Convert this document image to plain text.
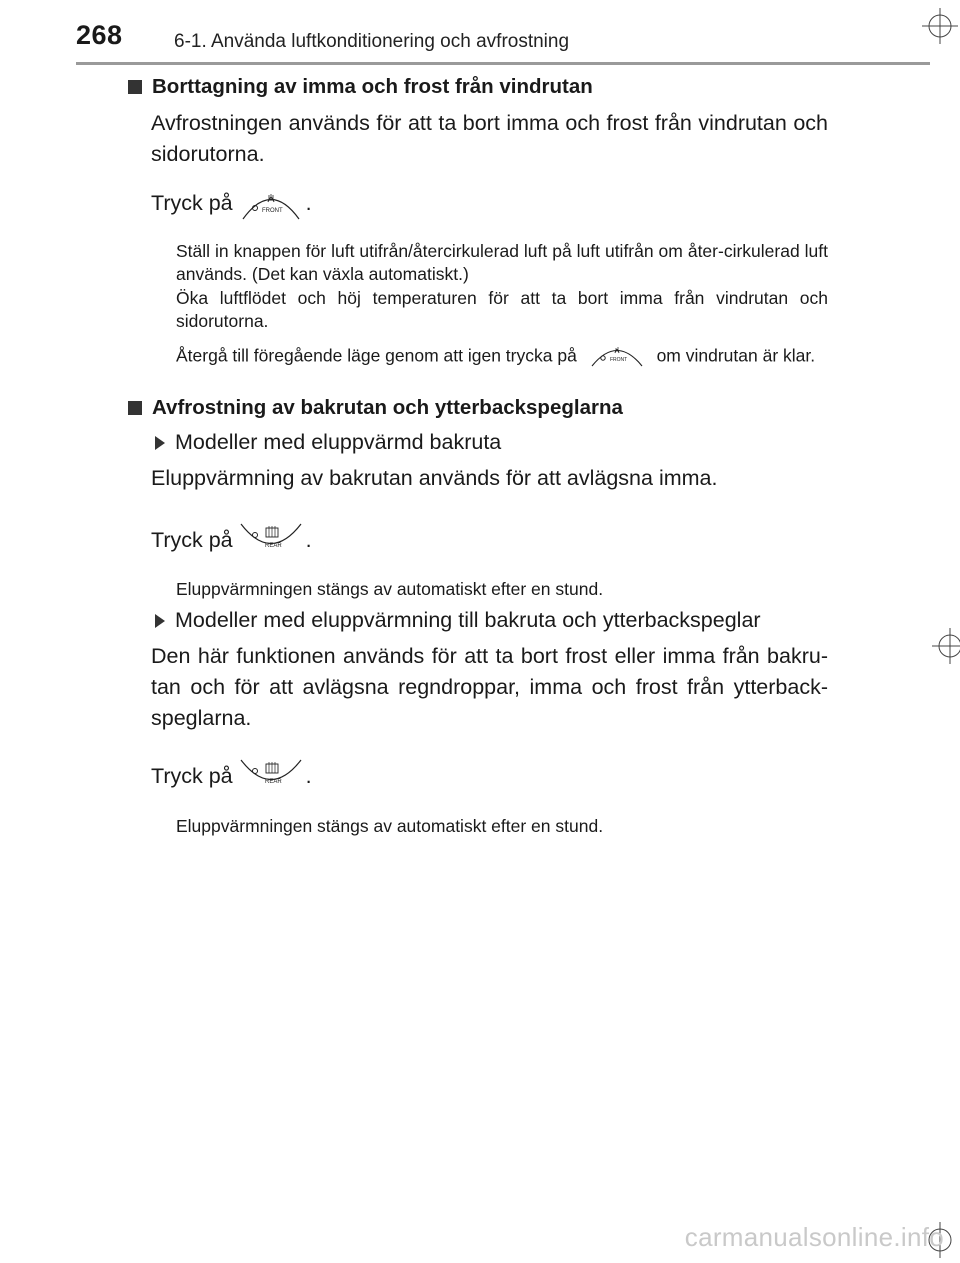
268	6-1. Använda luftkonditionering och avfrostning
Borttagning av imma och frost från vindrutan
Avfrostningen används för att ta bort imma och frost från vindrutan och sidorutorna.
Tryck på	FRONT .
Ställ in knappen för luft utifrån/återcirkulerad luft på luft utifrån om åter-cirkulerad luft används. (Det kan växla automatiskt.)
Öka luftflödet och höj temperaturen för att ta bort imma från vindrutan och sidorutorna.
Återgå till föregående läge genom att igen trycka på	FRONT om vindrutan är klar.
Avfrostning av bakrutan och ytterbackspeglarna
Modeller med eluppvärmd bakruta
Eluppvärmning av bakrutan används för att avlägsna imma.
Tryck på	REAR .
Eluppvärmningen stängs av automatiskt efter en stund.
Modeller med eluppvärmning till bakruta och ytterbackspeglar
Den här funktionen används för att ta bort frost eller imma från bakru-tan och för att avlägsna regndroppar, imma och frost från ytterback-speglarna.
Tryck på	REAR .
Eluppvärmningen stängs av automatiskt efter en stund.
carmanualsonline.info
